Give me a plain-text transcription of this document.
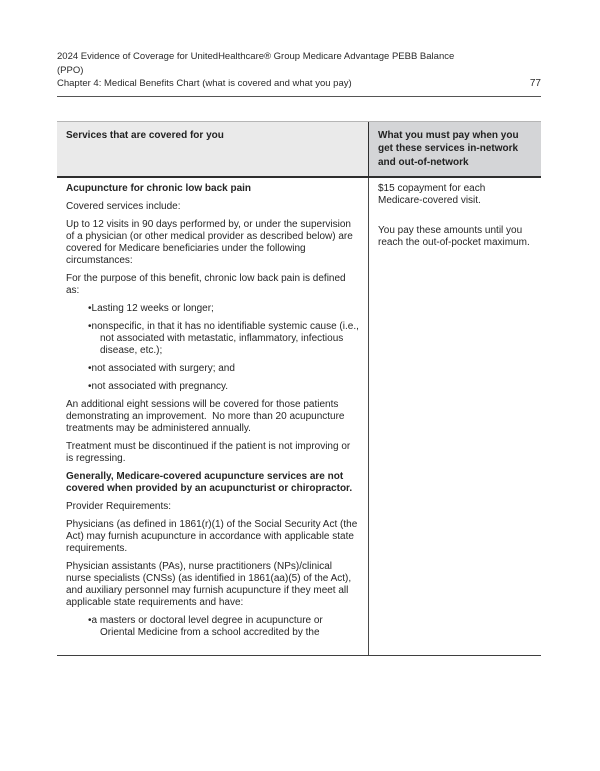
2024 Evidence of Coverage for UnitedHealthcare® Group Medicare Advantage PEBB Balance
(PPO)
Chapter 4: Medical Benefits Chart (what is covered and what you pay)	77
Services that are covered for you	What you must pay when you get these services in-network and out-of-network

Acupuncture for chronic low back pain

Covered services include:

Up to 12 visits in 90 days performed by, or under the supervision of a physician (or other medical provider as described below) are covered for Medicare beneficiaries under the following circumstances:

For the purpose of this benefit, chronic low back pain is defined as:

•Lasting 12 weeks or longer;

•nonspecific, in that it has no identifiable systemic cause (i.e., not associated with metastatic, inflammatory, infectious disease, etc.);

•not associated with surgery; and

•not associated with pregnancy.

An additional eight sessions will be covered for those patients demonstrating an improvement.  No more than 20 acupuncture treatments may be administered annually.

Treatment must be discontinued if the patient is not improving or is regressing.

Generally, Medicare-covered acupuncture services are not covered when provided by an acupuncturist or chiropractor.

Provider Requirements:

Physicians (as defined in 1861(r)(1) of the Social Security Act (the Act) may furnish acupuncture in accordance with applicable state requirements.

Physician assistants (PAs), nurse practitioners (NPs)/clinical nurse specialists (CNSs) (as identified in 1861(aa)(5) of the Act), and auxiliary personnel may furnish acupuncture if they meet all applicable state requirements and have:

•a masters or doctoral level degree in acupuncture or Oriental Medicine from a school accredited by the

$15 copayment for each Medicare-covered visit.

You pay these amounts until you reach the out-of-pocket maximum.
